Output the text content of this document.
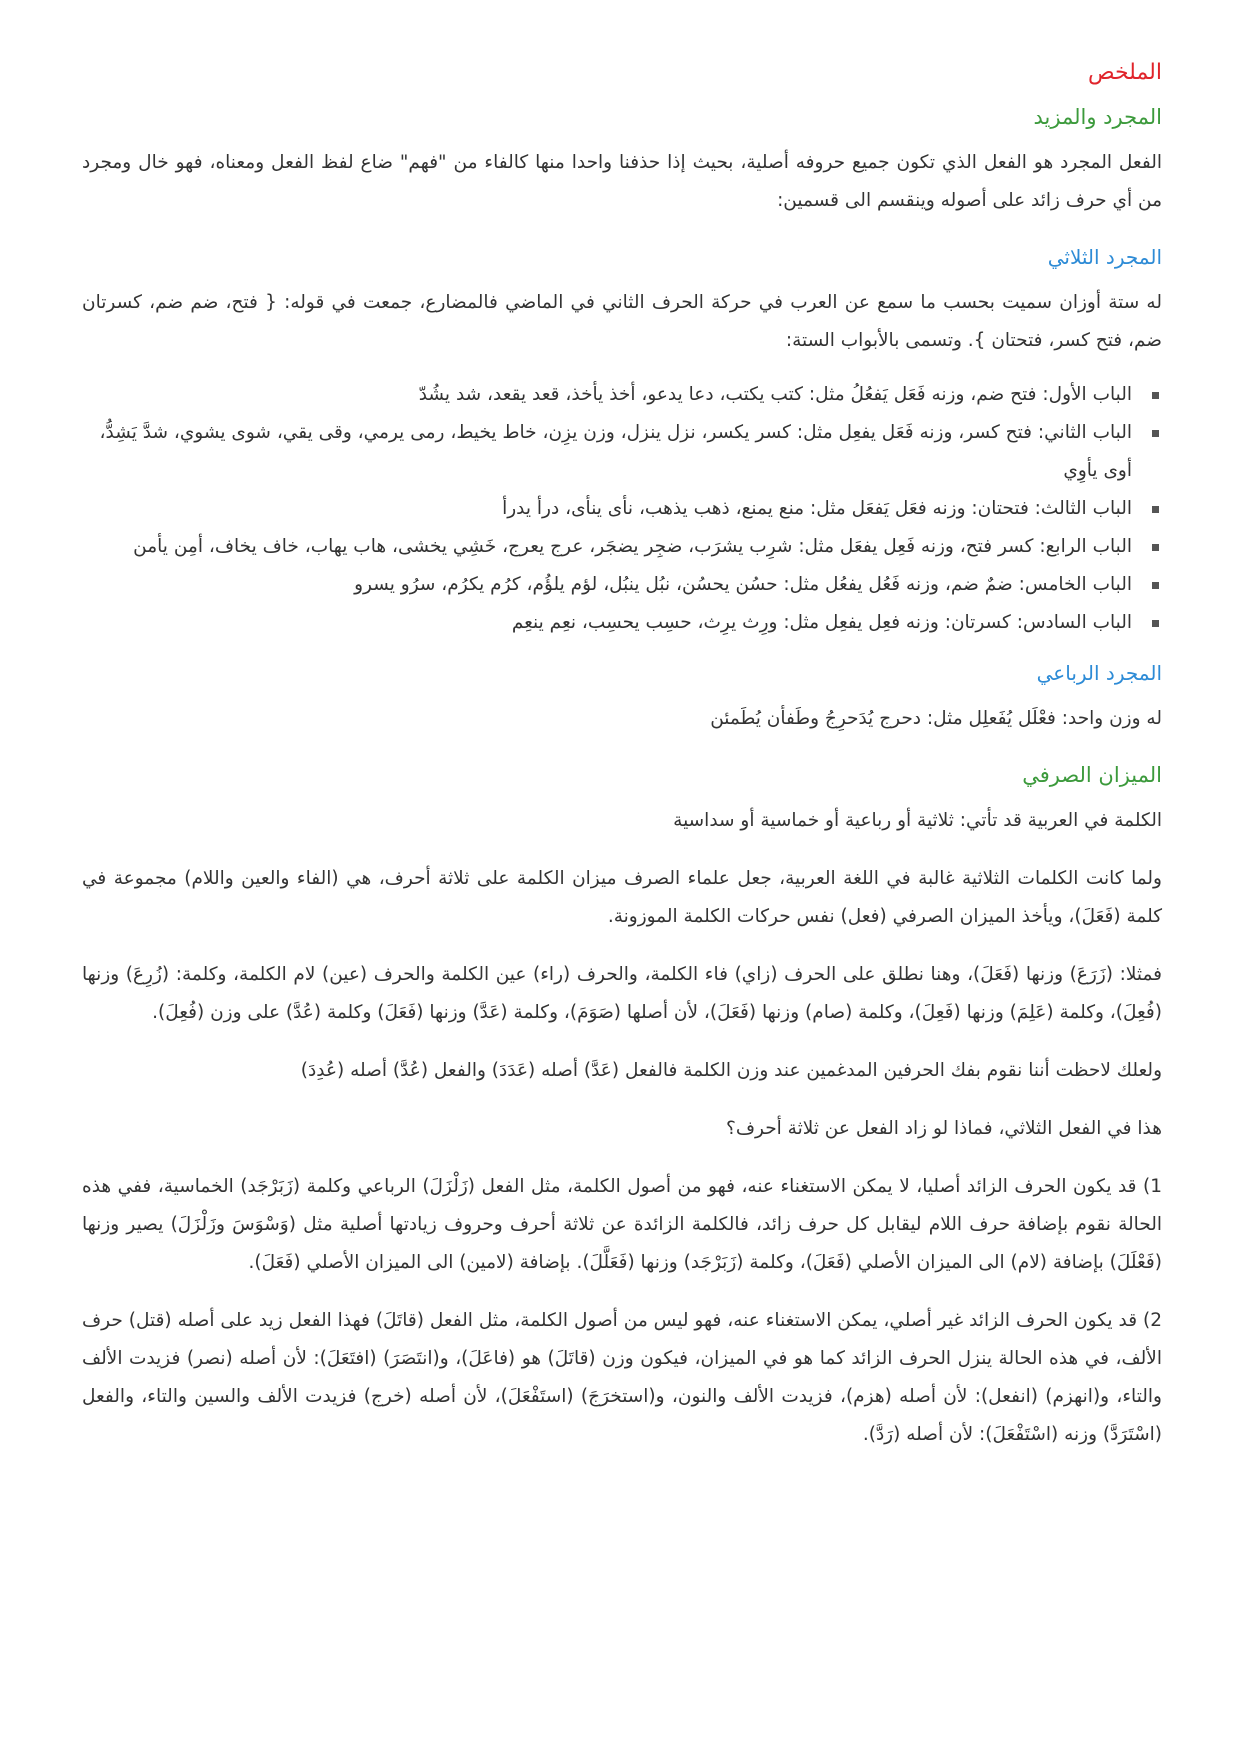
الملخص
المجرد والمزيد

الفعل المجرد هو الفعل الذي تكون جميع حروفه أصلية، بحيث إذا حذفنا واحدا منها كالفاء من "فهم" ضاع لفظ الفعل ومعناه، فهو خال ومجرد من أي حرف زائد على أصوله وينقسم الى قسمين:

المجرد الثلاثي

له ستة أوزان سميت بحسب ما سمع عن العرب في حركة الحرف الثاني في الماضي فالمضارع، جمعت في قوله: { فتح، ضم ضم، كسرتان ضم، فتح كسر، فتحتان }. وتسمى بالأبواب الستة:

الباب الأول: فتح ضم، وزنه فَعَل يَفعُلُ مثل: كتب يكتب، دعا يدعو، أخذ يأخذ، قعد يقعد، شد يشُدّ
الباب الثاني: فتح كسر، وزنه فَعَل يفعِل مثل: كسر يكسر، نزل ينزل، وزن يزِن، خاط يخيط، رمى يرمي، وقى يقي، شوى يشوي، شدَّ يَشِدُّ، أوى يأوِي
الباب الثالث: فتحتان: وزنه فعَل يَفعَل مثل: منع يمنع، ذهب يذهب، نأى ينأى، درأ يدرأ
الباب الرابع: كسر فتح، وزنه فَعِل يفعَل مثل: شرِب يشرَب، ضجِر يضجَر، عرج يعرج، خَشِي يخشى، هاب يهاب، خاف يخاف، أمِن يأمن
الباب الخامس: ضمٌ ضم، وزنه فَعُل يفعُل مثل: حسُن يحسُن، نبُل ينبُل، لؤم يلؤُم، كرُم يكرُم، سرُو يسرو
الباب السادس: كسرتان: وزنه فعِل يفعِل مثل: ورِث يرِث، حسِب يحسِب، نعِم ينعِم
المجرد الرباعي

له وزن واحد: فعْلَل يُفَعلِل مثل: دحرج يُدَحرِجُ وطَفأن يُطَمئن

الميزان الصرفي

الكلمة في العربية قد تأتي: ثلاثية أو رباعية أو خماسية أو سداسية

ولما كانت الكلمات الثلاثية غالبة في اللغة العربية، جعل علماء الصرف ميزان الكلمة على ثلاثة أحرف، هي (الفاء والعين واللام) مجموعة في كلمة (فَعَلَ)، ويأخذ الميزان الصرفي (فعل) نفس حركات الكلمة الموزونة.

فمثلا: (زَرَعَ) وزنها (فَعَلَ)، وهنا نطلق على الحرف (زاي) فاء الكلمة، والحرف (راء) عين الكلمة والحرف (عين) لام الكلمة، وكلمة: (زُرِعَ) وزنها (فُعِلَ)، وكلمة (عَلِمَ) وزنها (فَعِلَ)، وكلمة (صام) وزنها (فَعَلَ)، لأن أصلها (صَوَمَ)، وكلمة (عَدَّ) وزنها (فَعَلَ) وكلمة (عُدَّ) على وزن (فُعِلَ).

ولعلك لاحظت أننا نقوم بفك الحرفين المدغمين عند وزن الكلمة فالفعل (عَدَّ) أصله (عَدَدَ) والفعل (عُدَّ) أصله (عُدِدَ)

هذا في الفعل الثلاثي، فماذا لو زاد الفعل عن ثلاثة أحرف؟

1) قد يكون الحرف الزائد أصليا، لا يمكن الاستغناء عنه، فهو من أصول الكلمة، مثل الفعل (زَلْزَلَ) الرباعي وكلمة (زَبَرْجَد) الخماسية، ففي هذه الحالة نقوم بإضافة حرف اللام ليقابل كل حرف زائد، فالكلمة الزائدة عن ثلاثة أحرف وحروف زيادتها أصلية مثل (وَسْوَسَ وزَلْزَلَ) يصير وزنها (فَعْلَلَ) بإضافة (لام) الى الميزان الأصلي (فَعَلَ)، وكلمة (زَبَرْجَد) وزنها (فَعَلَّلَ). بإضافة (لامين) الى الميزان الأصلي (فَعَلَ).

2) قد يكون الحرف الزائد غير أصلي، يمكن الاستغناء عنه، فهو ليس من أصول الكلمة، مثل الفعل (قاتَلَ) فهذا الفعل زيد على أصله (قتل) حرف الألف، في هذه الحالة ينزل الحرف الزائد كما هو في الميزان، فيكون وزن (قاتَلَ) هو (فاعَلَ)، و(انتَصَرَ) (افتَعَلَ): لأن أصله (نصر) فزيدت الألف والتاء، و(انهزم) (انفعل): لأن أصله (هزم)، فزيدت الألف والنون، و(استخرَجَ) (استَفْعَلَ)، لأن أصله (خرج) فزيدت الألف والسين والتاء، والفعل (اسْتَرَدَّ) وزنه (اسْتَفْعَلَ): لأن أصله (رَدَّ).
